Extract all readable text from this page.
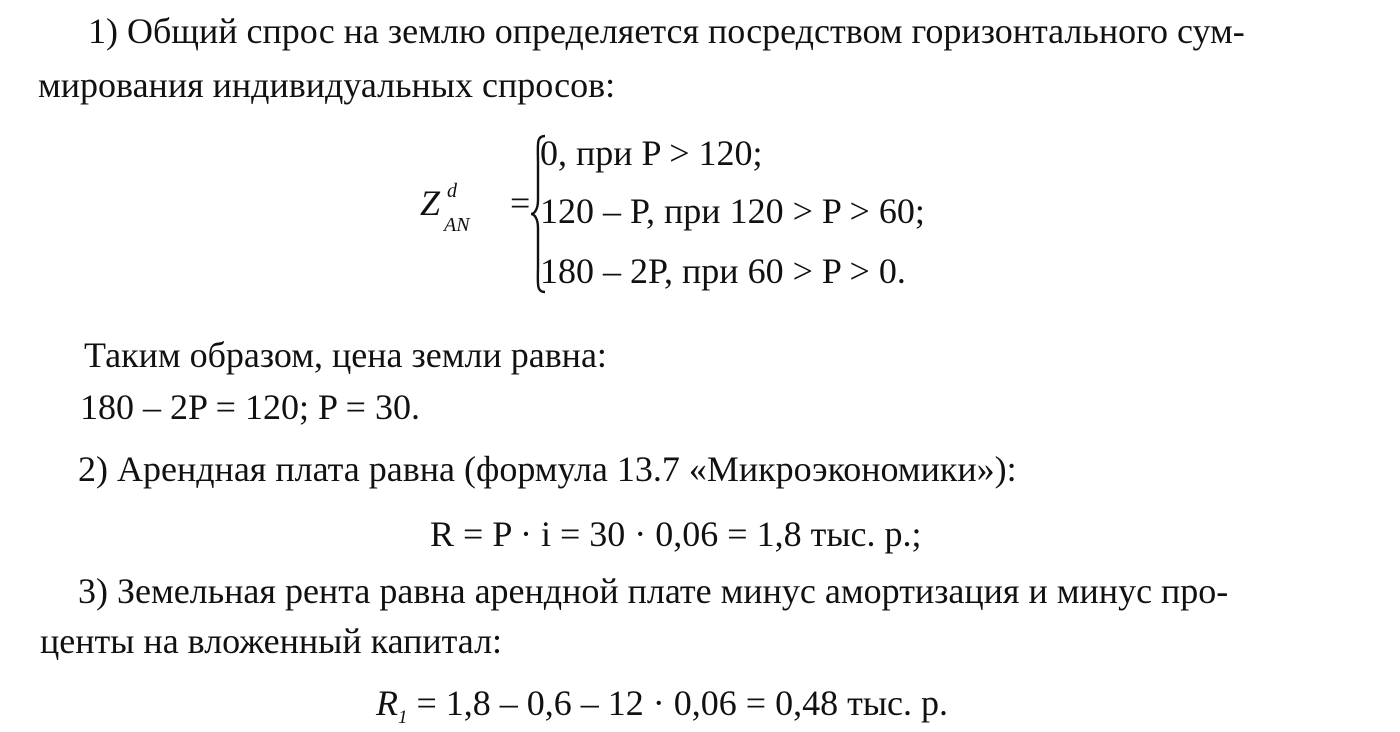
1) Общий спрос на землю определяется посредством горизонтального сум-
мирования индивидуальных спросов:
Z d
AN
=
0, при P > 120;
120 – P, при 120 > P > 60;
180 – 2P, при 60 > P > 0.
Таким образом, цена земли равна:
180 – 2P = 120; P = 30.
2) Арендная плата равна (формула 13.7 «Микроэкономики»):
R = P · i = 30 · 0,06 = 1,8 тыс. р.;
3) Земельная рента равна арендной плате минус амортизация и минус про-
центы на вложенный капитал:
$R_1 = 1,8 - 0,6 - 12 \cdot 0,06 = 0,48$ тыс. р.
